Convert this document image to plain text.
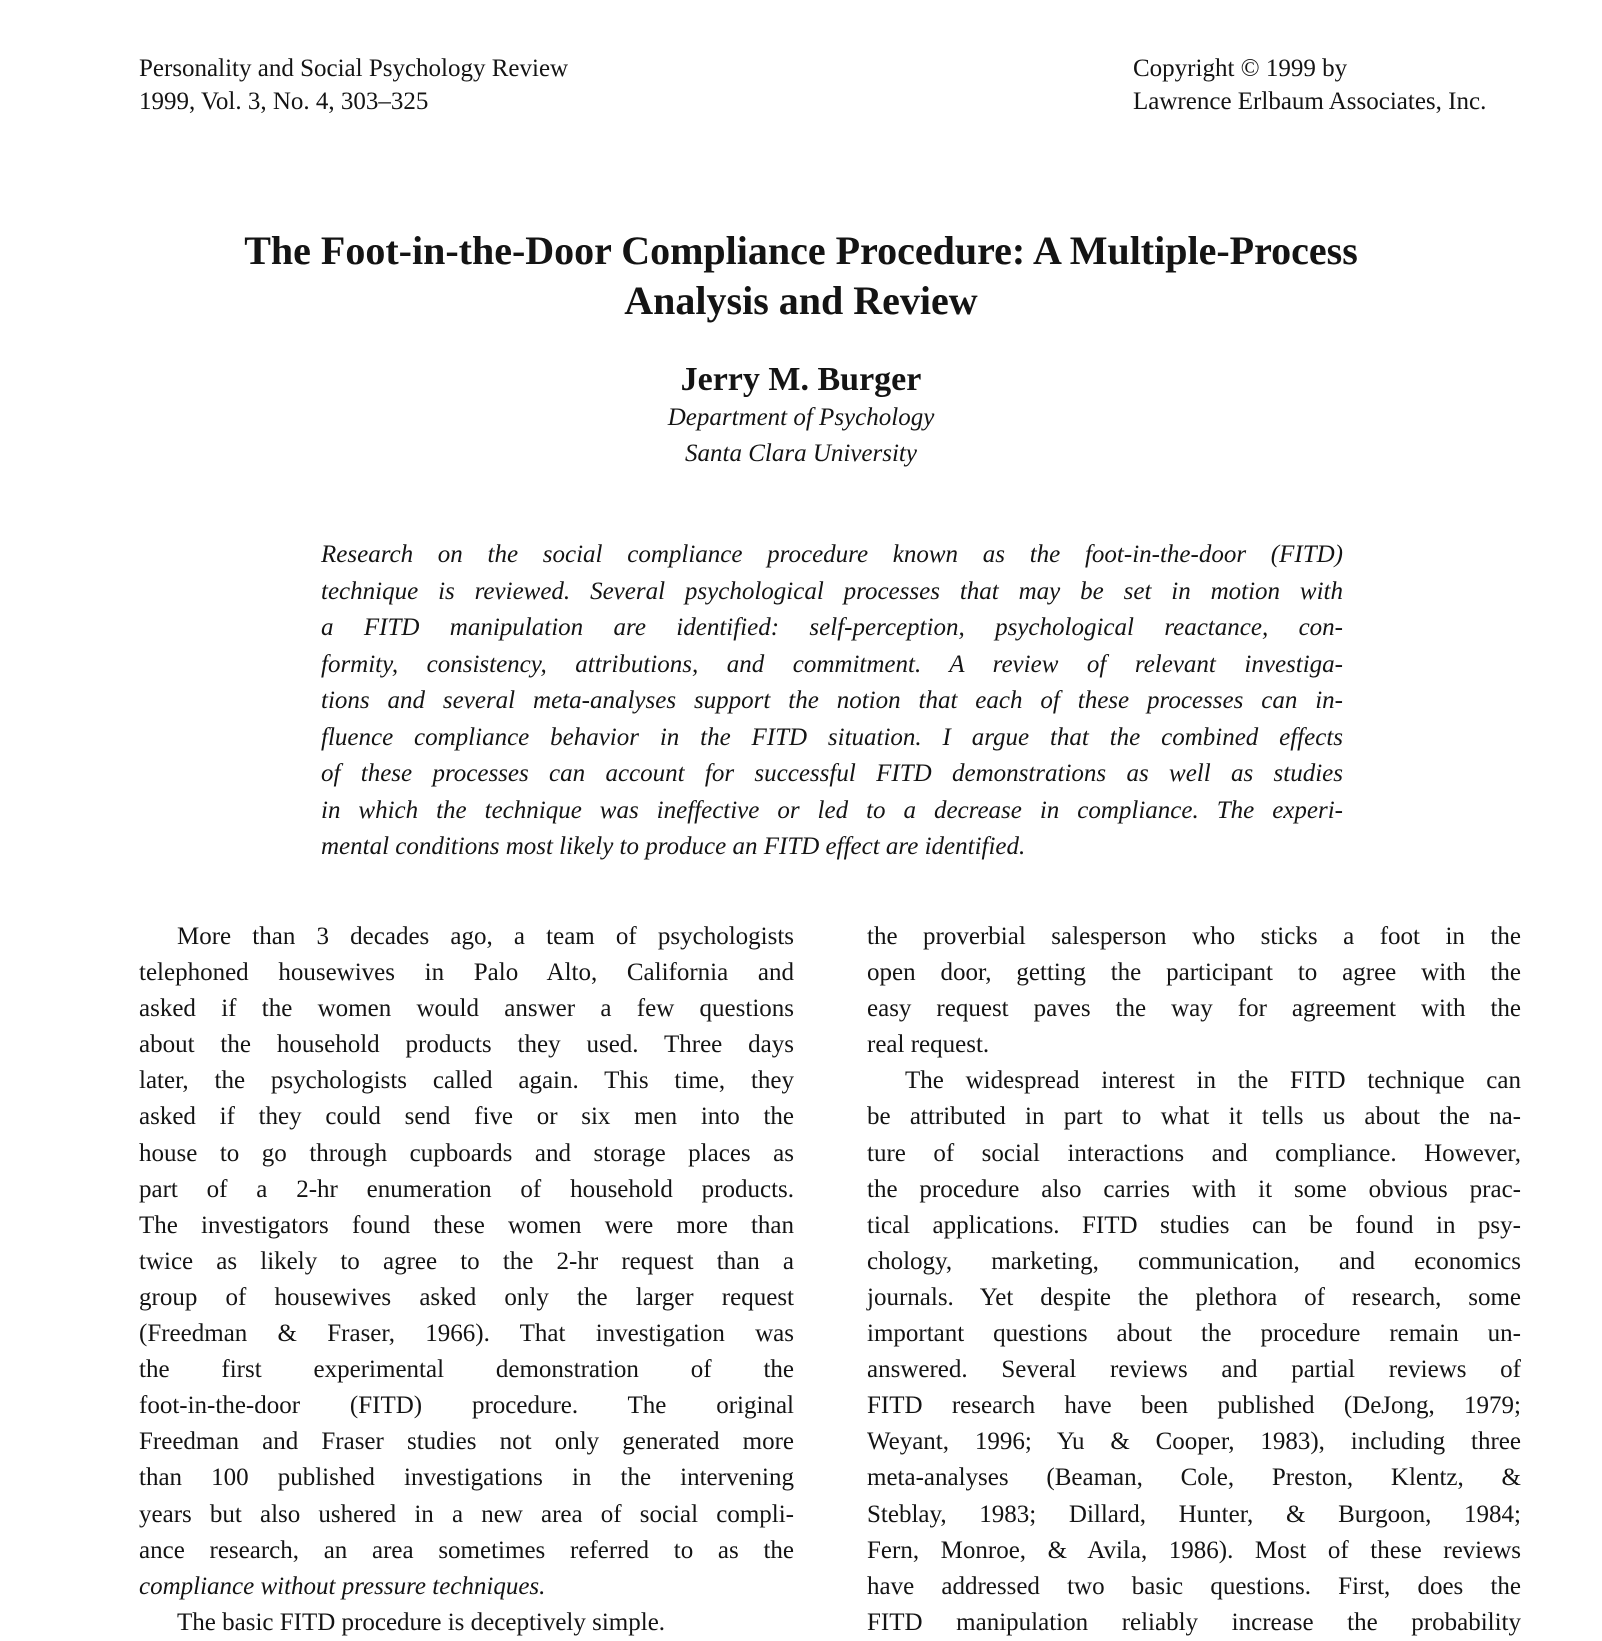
Personality and Social Psychology Review
1999, Vol. 3, No. 4, 303–325
Copyright © 1999 by
Lawrence Erlbaum Associates, Inc.
The Foot-in-the-Door Compliance Procedure: A Multiple-Process
Analysis and Review
Jerry M. Burger
Department of Psychology
Santa Clara University
Research on the social compliance procedure known as the foot-in-the-door (FITD)
technique is reviewed. Several psychological processes that may be set in motion with
a FITD manipulation are identified: self-perception, psychological reactance, con-
formity, consistency, attributions, and commitment. A review of relevant investiga-
tions and several meta-analyses support the notion that each of these processes can in-
fluence compliance behavior in the FITD situation. I argue that the combined effects
of these processes can account for successful FITD demonstrations as well as studies
in which the technique was ineffective or led to a decrease in compliance. The experi-
mental conditions most likely to produce an FITD effect are identified.
More than 3 decades ago, a team of psychologists
telephoned housewives in Palo Alto, California and
asked if the women would answer a few questions
about the household products they used. Three days
later, the psychologists called again. This time, they
asked if they could send five or six men into the
house to go through cupboards and storage places as
part of a 2-hr enumeration of household products.
The investigators found these women were more than
twice as likely to agree to the 2-hr request than a
group of housewives asked only the larger request
(Freedman & Fraser, 1966). That investigation was
the first experimental demonstration of the
foot-in-the-door (FITD) procedure. The original
Freedman and Fraser studies not only generated more
than 100 published investigations in the intervening
years but also ushered in a new area of social compli-
ance research, an area sometimes referred to as the
compliance without pressure techniques.
The basic FITD procedure is deceptively simple.
the proverbial salesperson who sticks a foot in the
open door, getting the participant to agree with the
easy request paves the way for agreement with the
real request.
The widespread interest in the FITD technique can
be attributed in part to what it tells us about the na-
ture of social interactions and compliance. However,
the procedure also carries with it some obvious prac-
tical applications. FITD studies can be found in psy-
chology, marketing, communication, and economics
journals. Yet despite the plethora of research, some
important questions about the procedure remain un-
answered. Several reviews and partial reviews of
FITD research have been published (DeJong, 1979;
Weyant, 1996; Yu & Cooper, 1983), including three
meta-analyses (Beaman, Cole, Preston, Klentz, &
Steblay, 1983; Dillard, Hunter, & Burgoon, 1984;
Fern, Monroe, & Avila, 1986). Most of these reviews
have addressed two basic questions. First, does the
FITD manipulation reliably increase the probability
